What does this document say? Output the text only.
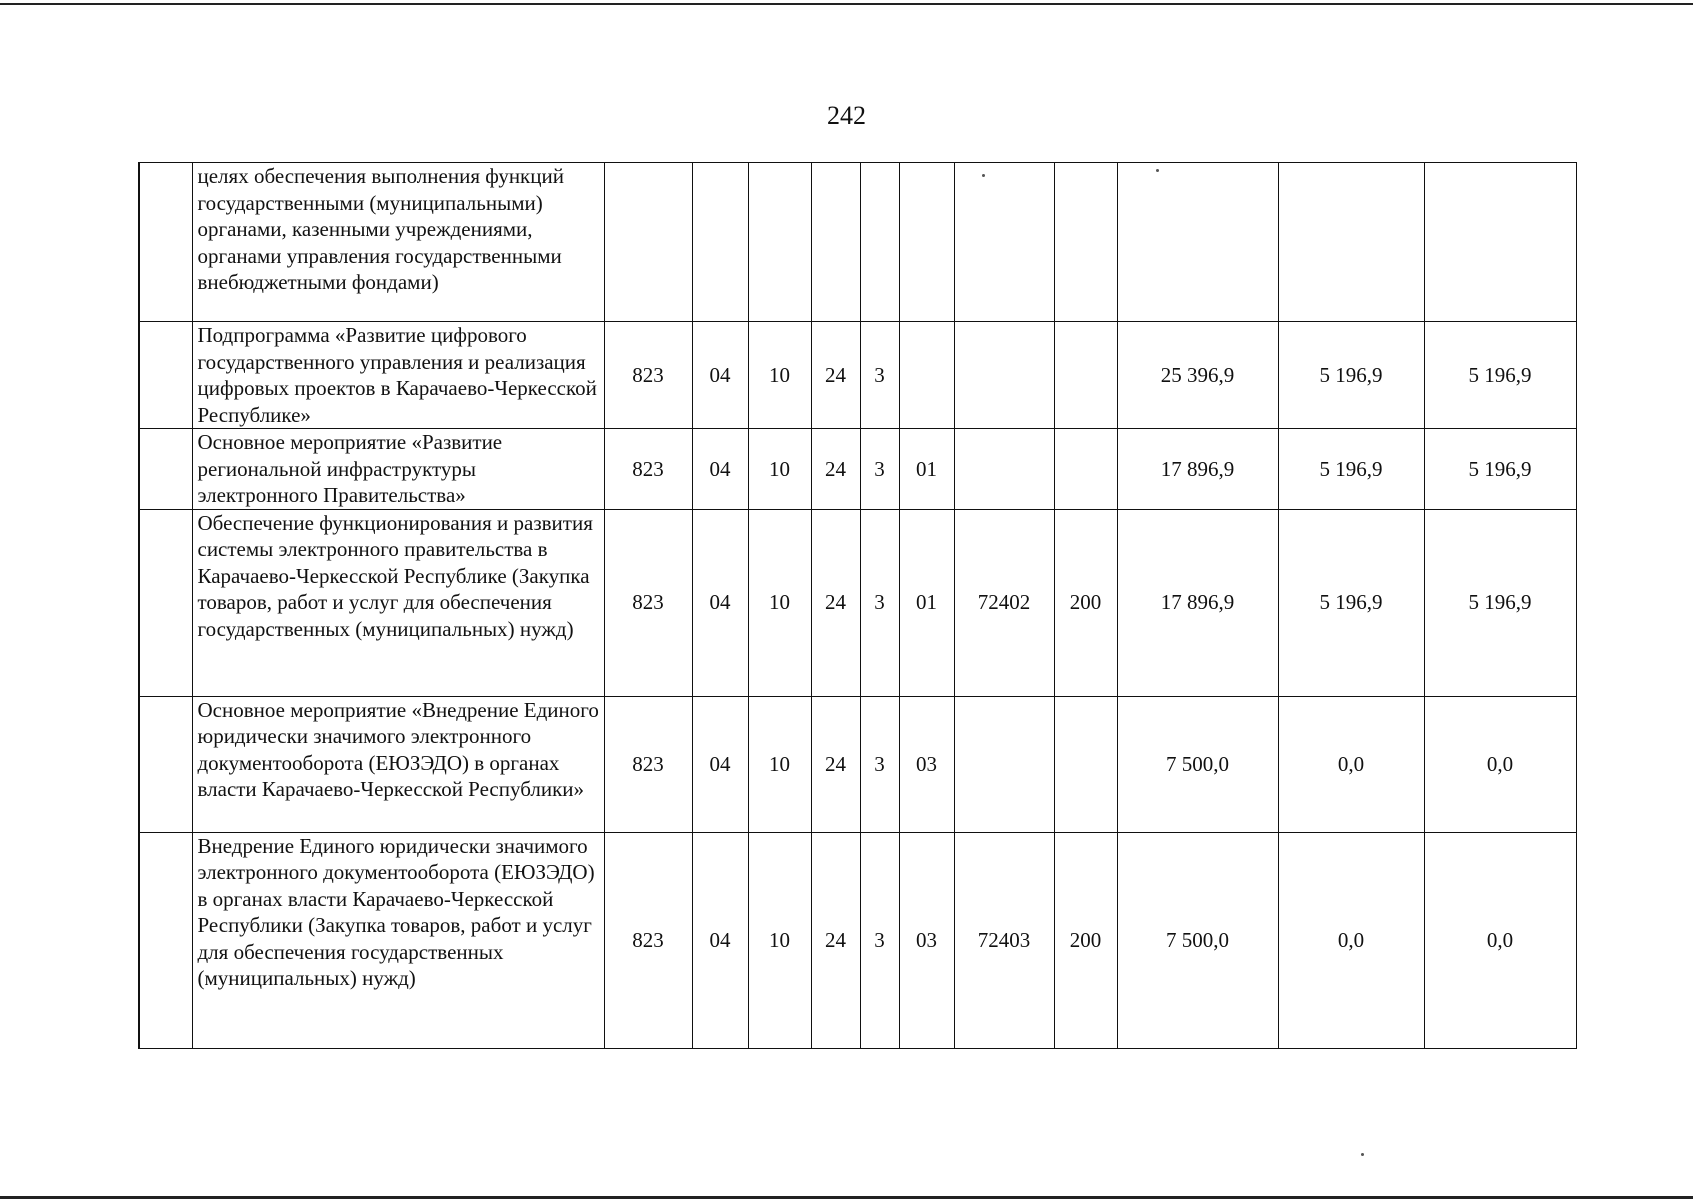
242
	целях обеспечения выполнения функций государственными (муниципальными) органами, казенными учреждениями, органами управления государственными внебюджетными фондами)											
	Подпрограмма «Развитие цифрового государственного управления и реализация цифровых проектов в Карачаево-Черкесской Республике»	823	04	10	24	3				25 396,9	5 196,9	5 196,9
	Основное мероприятие «Развитие региональной инфраструктуры электронного Правительства»	823	04	10	24	3	01			17 896,9	5 196,9	5 196,9
	Обеспечение функционирования и развития системы электронного правительства в Карачаево-Черкесской Республике (Закупка товаров, работ и услуг для обеспечения государственных (муниципальных) нужд)	823	04	10	24	3	01	72402	200	17 896,9	5 196,9	5 196,9
	Основное мероприятие «Внедрение Единого юридически значимого электронного документооборота (ЕЮЗЭДО) в органах власти Карачаево-Черкесской Республики»	823	04	10	24	3	03			7 500,0	0,0	0,0
	Внедрение Единого юридически значимого электронного документооборота (ЕЮЗЭДО) в органах власти Карачаево-Черкесской Республики (Закупка товаров, работ и услуг для обеспечения государственных (муниципальных) нужд)	823	04	10	24	3	03	72403	200	7 500,0	0,0	0,0
